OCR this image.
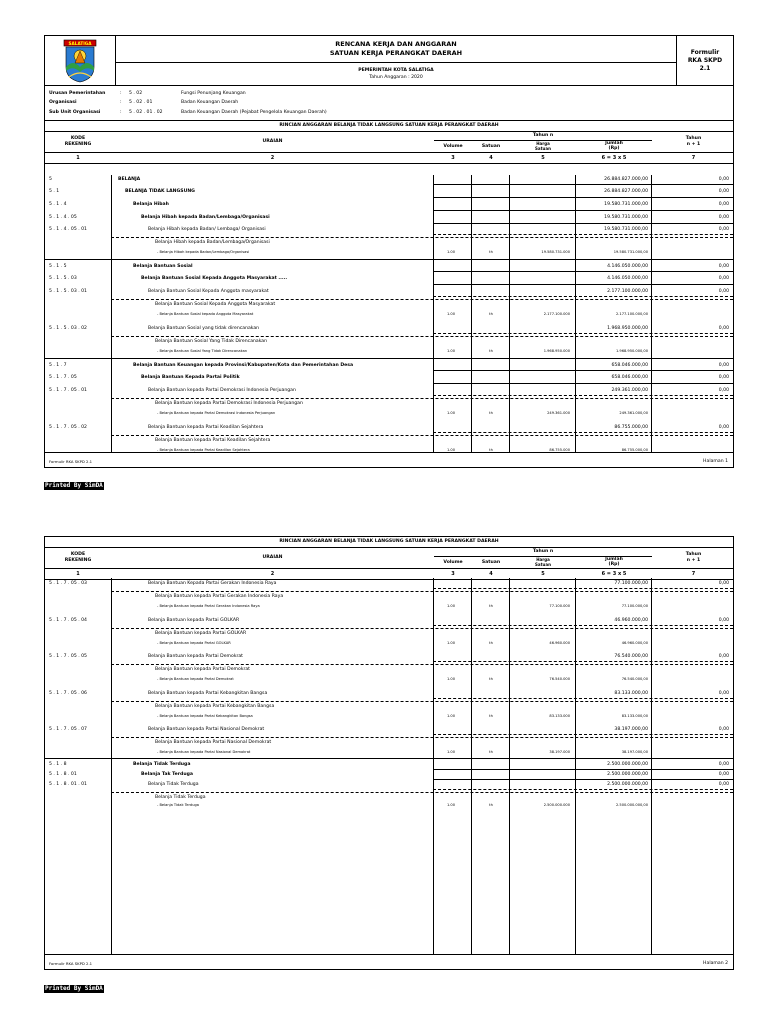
SALATIGA	RENCANA KERJA DAN ANGGARAN
SATUAN KERJA PERANGKAT DAERAH
PEMERINTAH KOTA SALATIGA
Tahun Anggaran : 2020
Formulir
RKA SKPD
2.1
Urusan Pemerintahan	:	5 . 02	Fungsi Penunjang Keuangan
Organisasi	:	5 . 02 . 01	Badan Keuangan Daerah
Sub Unit Organisasi	:	5 . 02 . 01 . 02	Badan Keuangan Daerah (Pejabat Pengelola Keuangan Daerah)
RINCIAN ANGGARAN BELANJA TIDAK LANGSUNG SATUAN KERJA PERANGKAT DAERAH
KODE
REKENING
URAIAN
Tahun n
Volume	Satuan
Harga
Satuan
Jumlah
(Rp)
Tahun
n + 1
1	2	3	4	5	6 = 3 x 5	7
5	BELANJA	26.884.827.000,00	0,00
5 . 1	BELANJA TIDAK LANGSUNG	26.884.827.000,00	0,00
5 . 1 . 4	Belanja Hibah	19.580.731.000,00	0,00
5 . 1 . 4 . 05	Belanja Hibah kepada Badan/Lembaga/Organisasi	19.580.731.000,00	0,00
5 . 1 . 4 . 05 . 01	Belanja Hibah kepada Badan/ Lembaga/ Organisasi	19.580.731.000,00	0,00
Belanja Hibah kepada Badan/Lembaga/Organisasi
- Belanja Hibah kepada Badan/Lembaga/Organisasi	1.00	th	19.580.731.000	19.580.731.000,00
5 . 1 . 5	Belanja Bantuan Sosial	4.146.050.000,00	0,00
5 . 1 . 5 . 03	Belanja Bantuan Sosial Kepada Anggota Masyarakat .....	4.146.050.000,00	0,00
5 . 1 . 5 . 03 . 01	Belanja Bantuan Sosial Kepada Anggota masyarakat	2.177.100.000,00	0,00
Belanja Bantuan Sosial Kepada Anggota Masyarakat
- Belanja Bantuan Sosial kepada Anggota Masyarakat	1.00	th	2.177.100.000	2.177.100.000,00
5 . 1 . 5 . 03 . 02	Belanja Bantuan Sosial yang tidak direncanakan	1.968.950.000,00	0,00
Belanja Bantuan Sosial Yang Tidak Direncanakan
- Belanja Bantuan Sosial Yang Tidak Direncanakan	1.00	th	1.968.950.000	1.968.950.000,00
5 . 1 . 7	Belanja Bantuan Keuangan kepada Provinsi/Kabupaten/Kota dan Pemerintahan Desa	658.046.000,00	0,00
5 . 1 . 7 . 05	Belanja Bantuan Kepada Partai Politik	658.046.000,00	0,00
5 . 1 . 7 . 05 . 01	Belanja Bantuan kepada Partai Demokrasi Indonesia Perjuangan	249.361.000,00	0,00
Belanja Bantuan kepada Partai Demokrasi Indonesia Perjuangan
- Belanja Bantuan kepada Partai Demokrasi Indonesia Perjuangan	1.00	th	249.361.000	249.361.000,00
5 . 1 . 7 . 05 . 02	Belanja Bantuan kepada Partai Keadilan Sejahtera	86.755.000,00	0,00
Belanja Bantuan kepada Partai Keadilan Sejahtera
- Belanja Bantuan kepada Partai Keadilan Sejahtera	1.00	th	86.755.000	86.755.000,00
Formulir RKA SKPD 2.1	Halaman 1
Printed By SimDA
RINCIAN ANGGARAN BELANJA TIDAK LANGSUNG SATUAN KERJA PERANGKAT DAERAH
KODE
REKENING
URAIAN
Tahun n
Volume	Satuan
Harga
Satuan
Jumlah
(Rp)
Tahun
n + 1
1	2	3	4	5	6 = 3 x 5	7
5 . 1 . 7 . 05 . 03	Belanja Bantuan Kepada Partai Gerakan Indonesia Raya	77.100.000,00	0,00
Belanja Bantuan kepada Partai Gerakan Indonesia Raya
- Belanja Bantuan kepada Partai Gerakan Indonesia Raya	1.00	th	77.100.000	77.100.000,00
5 . 1 . 7 . 05 . 04	Belanja Bantuan kepada Partai GOLKAR	46.960.000,00	0,00
Belanja Bantuan kepada Partai GOLKAR
- Belanja Bantuan kepada Partai GOLKAR	1.00	th	46.960.000	46.960.000,00
5 . 1 . 7 . 05 . 05	Belanja Bantuan kepada Partai Demokrat	76.540.000,00	0,00
Belanja Bantuan kepada Partai Demokrat
- Belanja Bantuan kepada Partai Demokrat	1.00	th	76.540.000	76.540.000,00
5 . 1 . 7 . 05 . 06	Belanja Bantuan kepada Partai Kebangkitan Bangsa	83.133.000,00	0,00
Belanja Bantuan kepada Partai Kebangkitan Bangsa
- Belanja Bantuan kepada Partai Kebangkitan Bangsa	1.00	th	83.133.000	83.133.000,00
5 . 1 . 7 . 05 . 07	Belanja Bantuan kepada Partai Nasional Demokrat	38.197.000,00	0,00
Belanja Bantuan kepada Partai Nasional Demokrat
- Belanja Bantuan kepada Partai Nasional Demokrat	1.00	th	38.197.000	38.197.000,00
5 . 1 . 8	Belanja Tidak Terduga	2.500.000.000,00	0,00
5 . 1 . 8 . 01	Belanja Tak Terduga	2.500.000.000,00	0,00
5 . 1 . 8 . 01 . 01	Belanja Tidak Terduga	2.500.000.000,00	0,00
Belanja Tidak Terduga
- Belanja Tidak Terduga	1.00	th	2.500.000.000	2.500.000.000,00
Formulir RKA SKPD 2.1	Halaman 2
Printed By SimDA
